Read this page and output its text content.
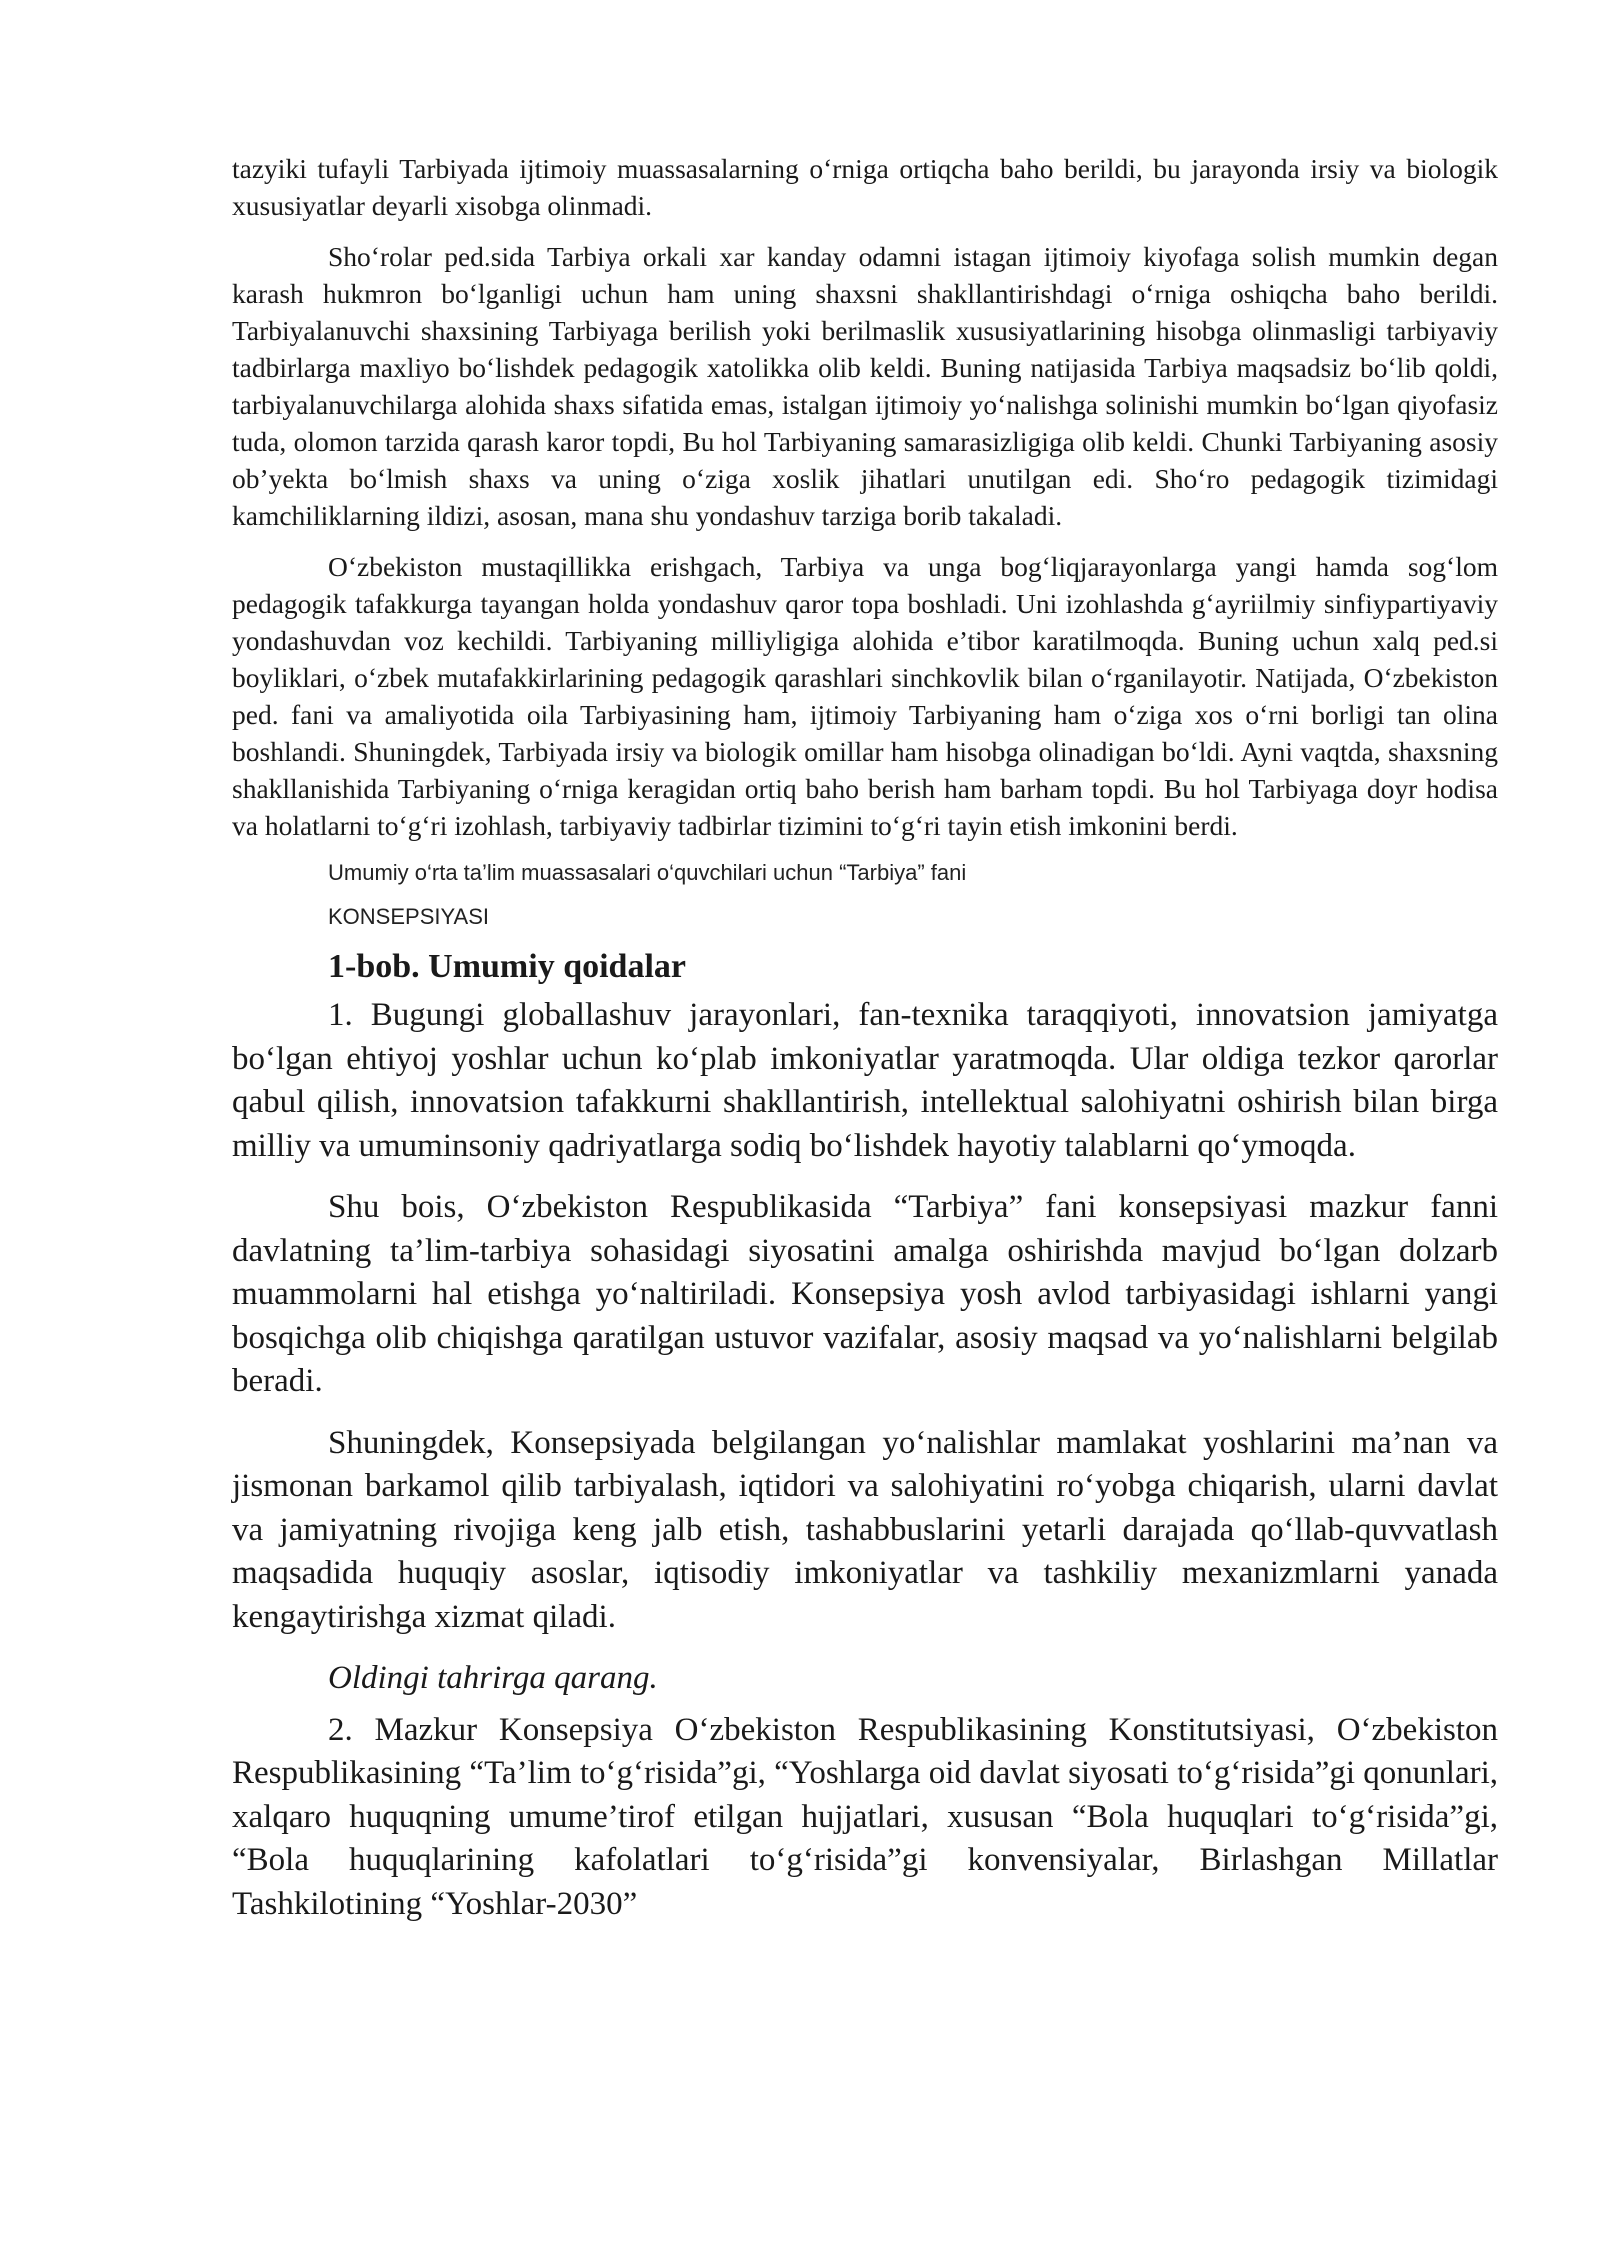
tazyiki tufayli Tarbiyada ijtimoiy muassasalarning o‘rniga ortiqcha baho berildi, bu jarayonda irsiy va biologik xususiyatlar deyarli xisobga olinmadi.

Sho‘rolar ped.sida Tarbiya orkali xar kanday odamni istagan ijtimoiy kiyofaga solish mumkin degan karash hukmron bo‘lganligi uchun ham uning shaxsni shakllantirishdagi o‘rniga oshiqcha baho berildi. Tarbiyalanuvchi shaxsining Tarbiyaga berilish yoki berilmaslik xususiyatlarining hisobga olinmasligi tarbiyaviy tadbirlarga maxliyo bo‘lishdek pedagogik xatolikka olib keldi. Buning natijasida Tarbiya maqsadsiz bo‘lib qoldi, tarbiyalanuvchilarga alohida shaxs sifatida emas, istalgan ijtimoiy yo‘nalishga solinishi mumkin bo‘lgan qiyofasiz tuda, olomon tarzida qarash karor topdi, Bu hol Tarbiyaning samarasizligiga olib keldi. Chunki Tarbiyaning asosiy ob’yekta bo‘lmish shaxs va uning o‘ziga xoslik jihatlari unutilgan edi. Sho‘ro pedagogik tizimidagi kamchiliklarning ildizi, asosan, mana shu yondashuv tarziga borib takaladi.

O‘zbekiston mustaqillikka erishgach, Tarbiya va unga bog‘liqjarayonlarga yangi hamda sog‘lom pedagogik tafakkurga tayangan holda yondashuv qaror topa boshladi. Uni izohlashda g‘ayriilmiy sinfiypartiyaviy yondashuvdan voz kechildi. Tarbiyaning milliyligiga alohida e’tibor karatilmoqda. Buning uchun xalq ped.si boyliklari, o‘zbek mutafakkirlarining pedagogik qarashlari sinchkovlik bilan o‘rganilayotir. Natijada, O‘zbekiston ped. fani va amaliyotida oila Tarbiyasining ham, ijtimoiy Tarbiyaning ham o‘ziga xos o‘rni borligi tan olina boshlandi. Shuningdek, Tarbiyada irsiy va biologik omillar ham hisobga olinadigan bo‘ldi. Ayni vaqtda, shaxsning shakllanishida Tarbiyaning o‘rniga keragidan ortiq baho berish ham barham topdi. Bu hol Tarbiyaga doyr hodisa va holatlarni to‘g‘ri izohlash, tarbiyaviy tadbirlar tizimini to‘g‘ri tayin etish imkonini berdi.

Umumiy o‘rta ta’lim muassasalari o‘quvchilari uchun “Tarbiya” fani
KONSEPSIYASI
1-bob. Umumiy qoidalar

1. Bugungi globallashuv jarayonlari, fan-texnika taraqqiyoti, innovatsion jamiyatga bo‘lgan ehtiyoj yoshlar uchun ko‘plab imkoniyatlar yaratmoqda. Ular oldiga tezkor qarorlar qabul qilish, innovatsion tafakkurni shakllantirish, intellektual salohiyatni oshirish bilan birga milliy va umuminsoniy qadriyatlarga sodiq bo‘lishdek hayotiy talablarni qo‘ymoqda.

Shu bois, O‘zbekiston Respublikasida “Tarbiya” fani konsepsiyasi mazkur fanni davlatning ta’lim-tarbiya sohasidagi siyosatini amalga oshirishda mavjud bo‘lgan dolzarb muammolarni hal etishga yo‘naltiriladi. Konsepsiya yosh avlod tarbiyasidagi ishlarni yangi bosqichga olib chiqishga qaratilgan ustuvor vazifalar, asosiy maqsad va yo‘nalishlarni belgilab beradi.

Shuningdek, Konsepsiyada belgilangan yo‘nalishlar mamlakat yoshlarini ma’nan va jismonan barkamol qilib tarbiyalash, iqtidori va salohiyatini ro‘yobga chiqarish, ularni davlat va jamiyatning rivojiga keng jalb etish, tashabbuslarini yetarli darajada qo‘llab-quvvatlash maqsadida huquqiy asoslar, iqtisodiy imkoniyatlar va tashkiliy mexanizmlarni yanada kengaytirishga xizmat qiladi.

Oldingi tahrirga qarang.

2. Mazkur Konsepsiya O‘zbekiston Respublikasining Konstitutsiyasi, O‘zbekiston Respublikasining “Ta’lim to‘g‘risida”gi, “Yoshlarga oid davlat siyosati to‘g‘risida”gi qonunlari, xalqaro huquqning umume’tirof etilgan hujjatlari, xususan “Bola huquqlari to‘g‘risida”gi, “Bola huquqlarining kafolatlari to‘g‘risida”gi konvensiyalar, Birlashgan Millatlar Tashkilotining “Yoshlar-2030”
